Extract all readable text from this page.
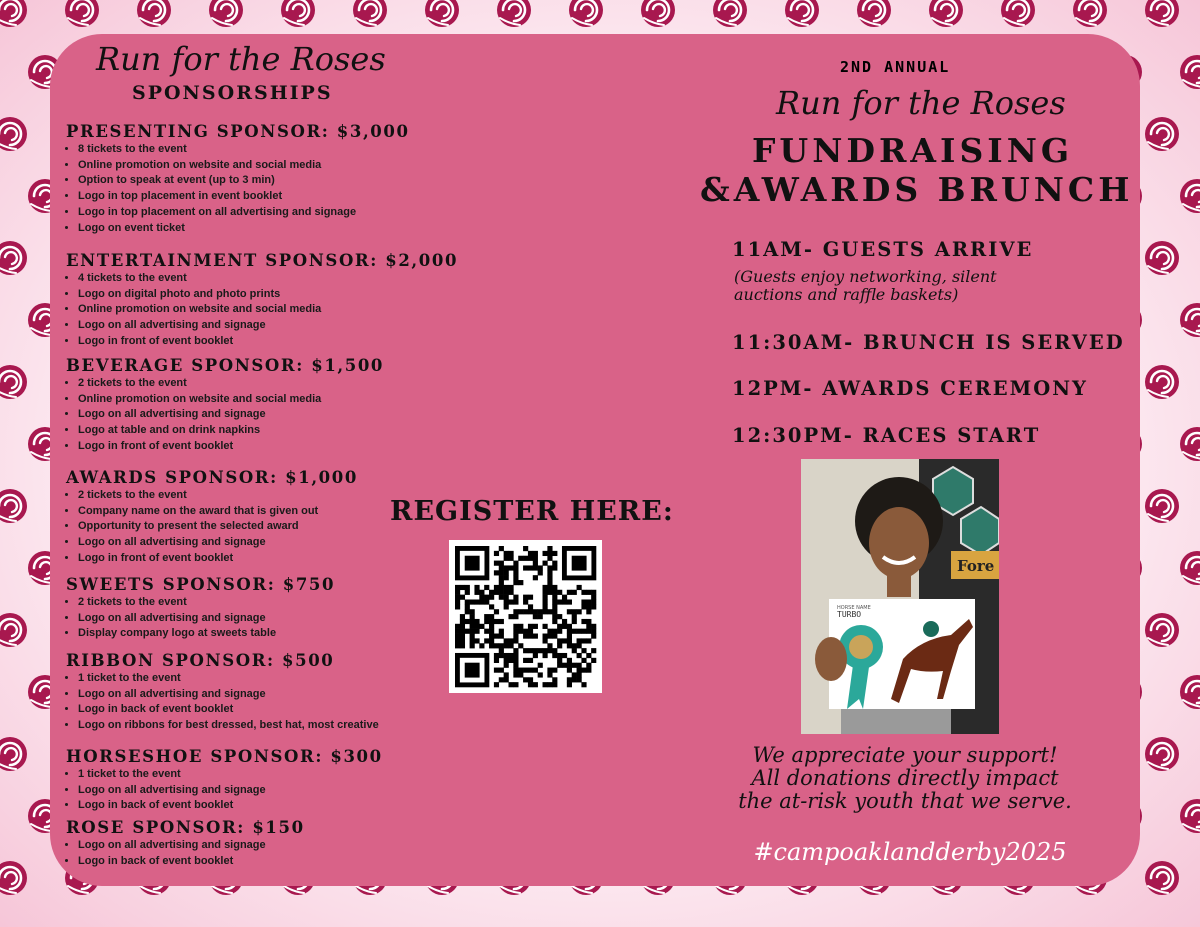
Run for the Roses
SPONSORSHIPS
PRESENTING SPONSOR: $3,000
• 8 tickets to the event
• Online promotion on website and social media
• Option to speak at event (up to 3 min)
• Logo in top placement in event booklet
• Logo in top placement on all advertising and signage
• Logo on event ticket
ENTERTAINMENT SPONSOR: $2,000
• 4 tickets to the event
• Logo on digital photo and photo prints
• Online promotion on website and social media
• Logo on all advertising and signage
• Logo in front of event booklet
BEVERAGE SPONSOR: $1,500
• 2 tickets to the event
• Online promotion on website and social media
• Logo on all advertising and signage
• Logo at table and on drink napkins
• Logo in front of event booklet
AWARDS SPONSOR: $1,000
• 2 tickets to the event
• Company name on the award that is given out
• Opportunity to present the selected award
• Logo on all advertising and signage
• Logo in front of event booklet
SWEETS SPONSOR: $750
• 2 tickets to the event
• Logo on all advertising and signage
• Display company logo at sweets table
RIBBON SPONSOR: $500
• 1 ticket to the event
• Logo on all advertising and signage
• Logo in back of event booklet
• Logo on ribbons for best dressed, best hat, most creative
HORSESHOE SPONSOR: $300
• 1 ticket to the event
• Logo on all advertising and signage
• Logo in back of event booklet
ROSE SPONSOR: $150
• Logo on all advertising and signage
• Logo in back of event booklet
REGISTER HERE:
2ND ANNUAL
Run for the Roses
FUNDRAISING
&AWARDS BRUNCH
11AM- GUESTS ARRIVE
(Guests enjoy networking, silent auctions and raffle baskets)
11:30AM- BRUNCH IS SERVED
12PM- AWARDS CEREMONY
12:30PM- RACES START
Fore
HORSE NAME
TURBO
We appreciate your support!
All donations directly impact
the at-risk youth that we serve.
#campoaklandderby2025
